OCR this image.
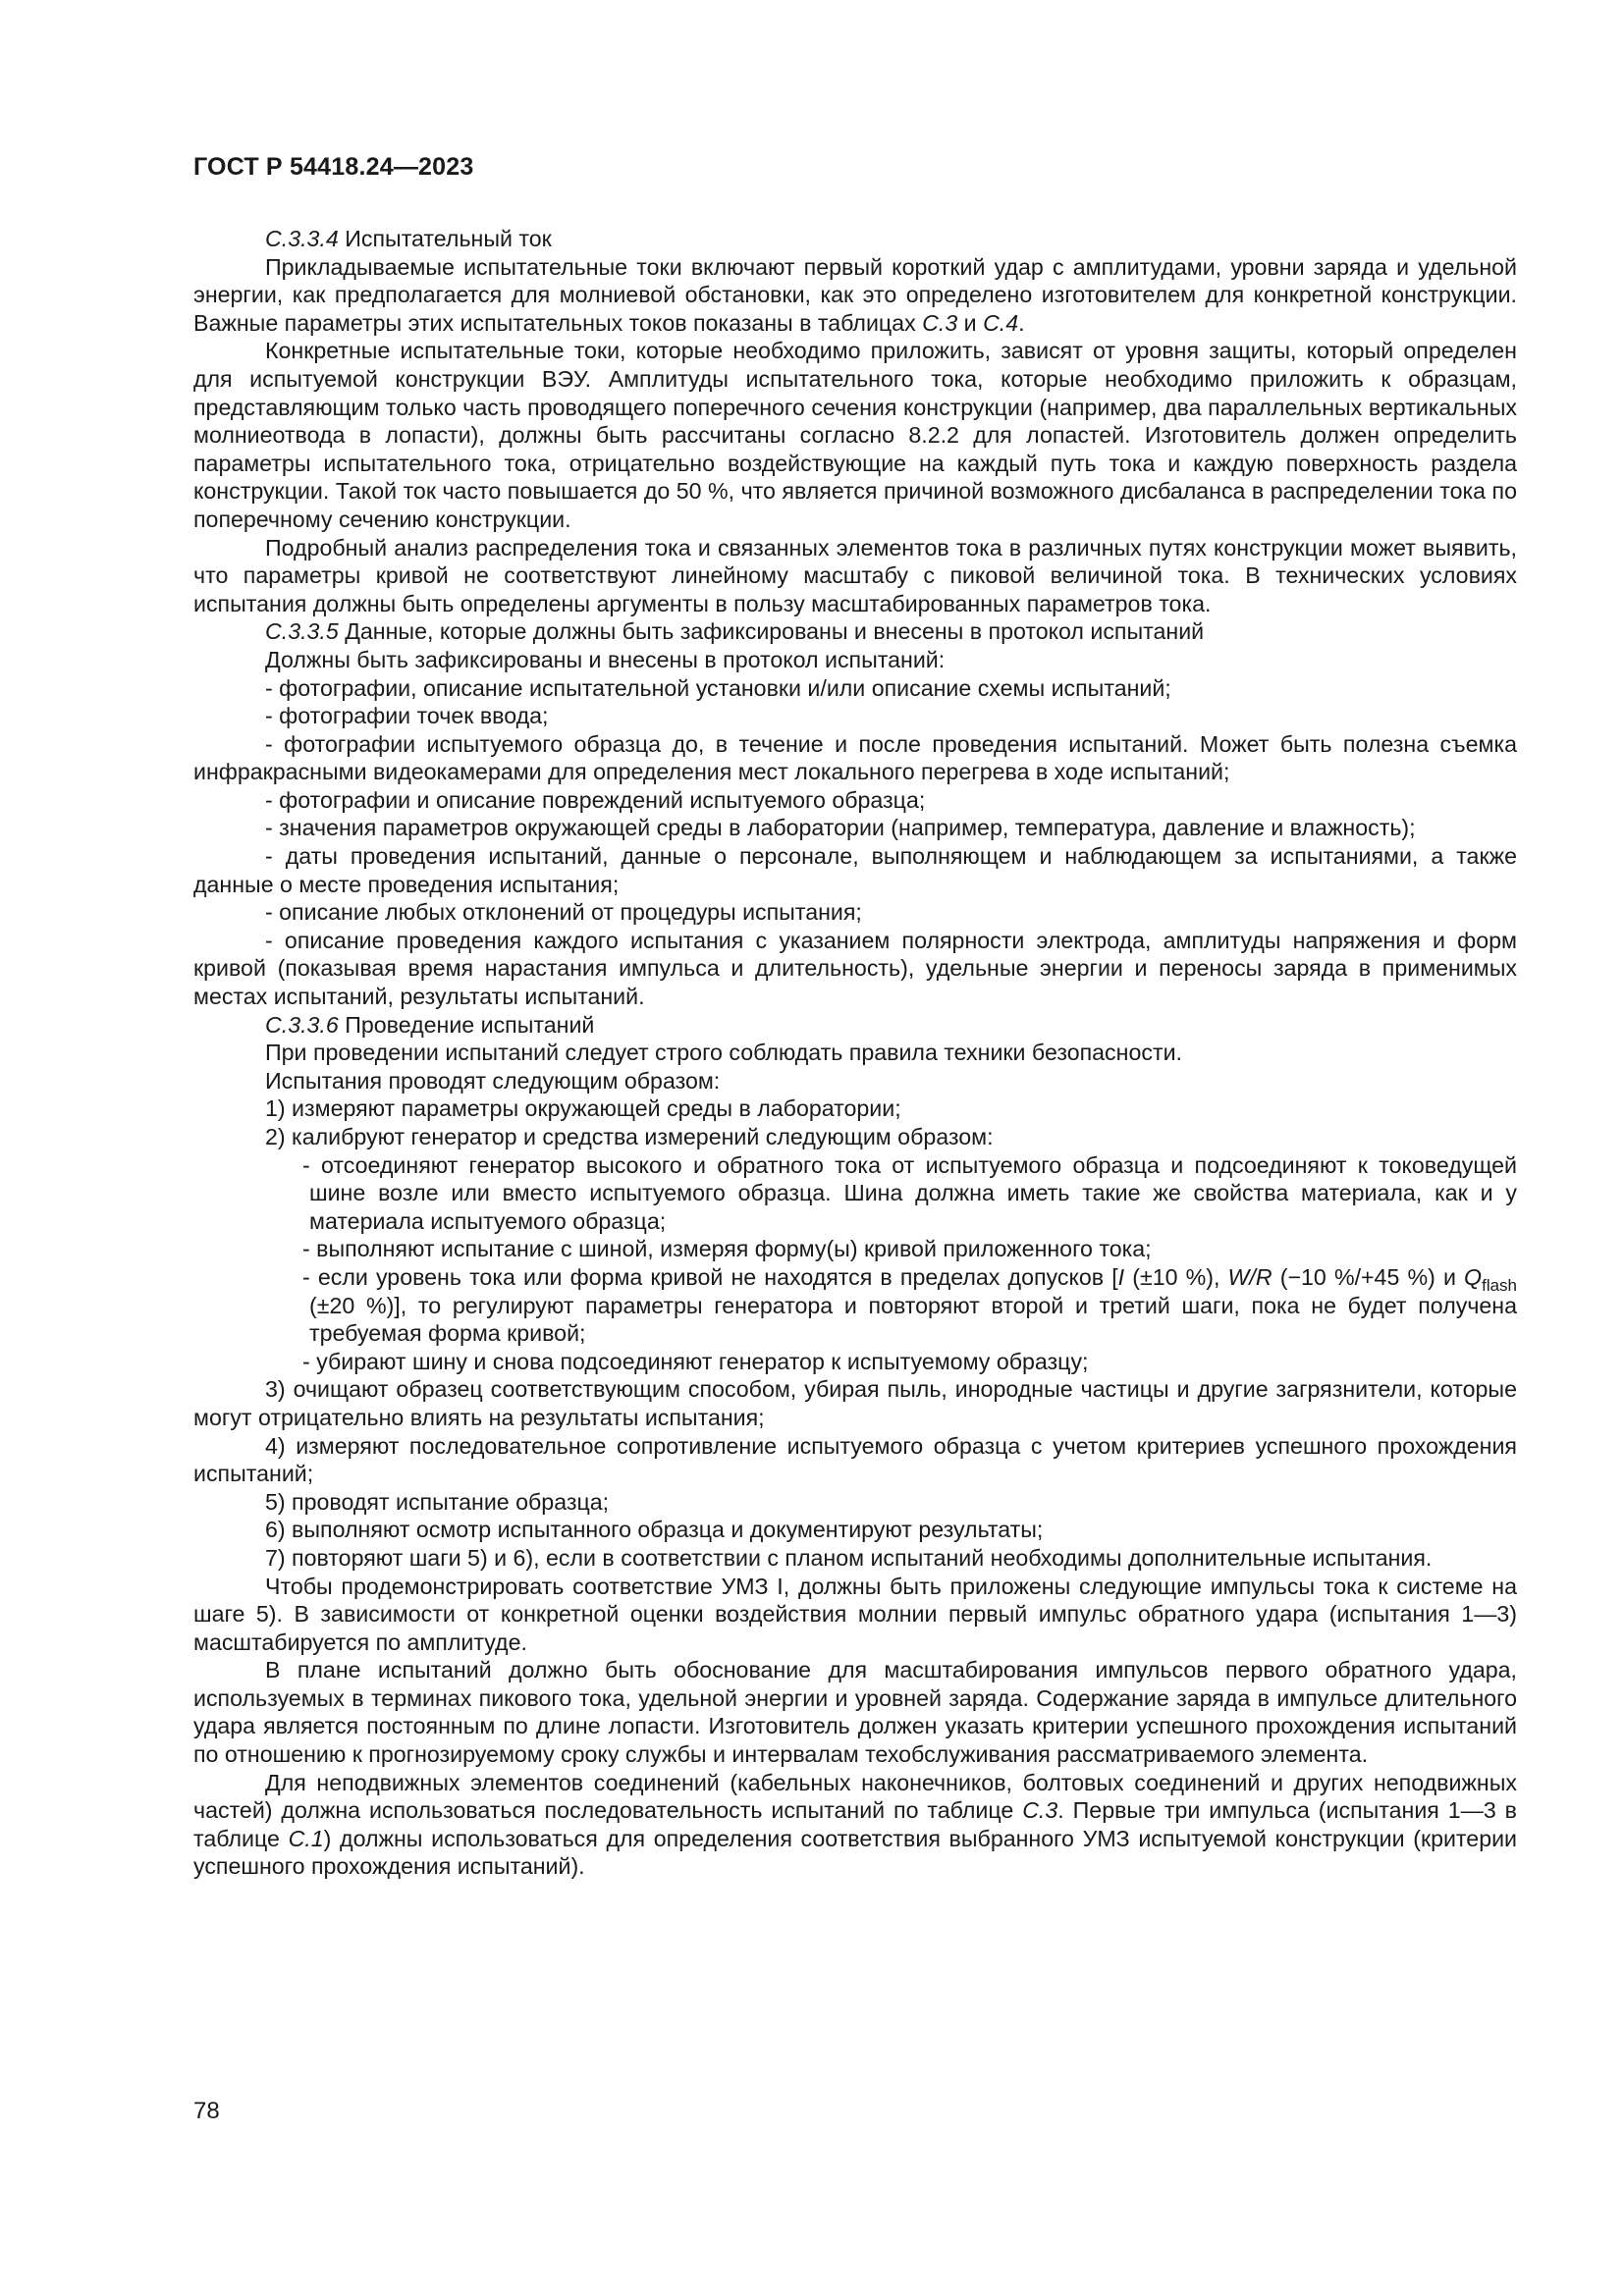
ГОСТ Р 54418.24—2023

С.3.3.4 Испытательный ток

Прикладываемые испытательные токи включают первый короткий удар с амплитудами, уровни заряда и удельной энергии, как предполагается для молниевой обстановки, как это определено изготовителем для конкретной конструкции. Важные параметры этих испытательных токов показаны в таблицах С.3 и С.4.

Конкретные испытательные токи, которые необходимо приложить, зависят от уровня защиты, который определен для испытуемой конструкции ВЭУ. Амплитуды испытательного тока, которые необходимо приложить к образцам, представляющим только часть проводящего поперечного сечения конструкции (например, два параллельных вертикальных молниеотвода в лопасти), должны быть рассчитаны согласно 8.2.2 для лопастей. Изготовитель должен определить параметры испытательного тока, отрицательно воздействующие на каждый путь тока и каждую поверхность раздела конструкции. Такой ток часто повышается до 50 %, что является причиной возможного дисбаланса в распределении тока по поперечному сечению конструкции.

Подробный анализ распределения тока и связанных элементов тока в различных путях конструкции может выявить, что параметры кривой не соответствуют линейному масштабу с пиковой величиной тока. В технических условиях испытания должны быть определены аргументы в пользу масштабированных параметров тока.

С.3.3.5 Данные, которые должны быть зафиксированы и внесены в протокол испытаний

Должны быть зафиксированы и внесены в протокол испытаний:

- фотографии, описание испытательной установки и/или описание схемы испытаний;

- фотографии точек ввода;

- фотографии испытуемого образца до, в течение и после проведения испытаний. Может быть полезна съемка инфракрасными видеокамерами для определения мест локального перегрева в ходе испытаний;

- фотографии и описание повреждений испытуемого образца;

- значения параметров окружающей среды в лаборатории (например, температура, давление и влажность);

- даты проведения испытаний, данные о персонале, выполняющем и наблюдающем за испытаниями, а также данные о месте проведения испытания;

- описание любых отклонений от процедуры испытания;

- описание проведения каждого испытания с указанием полярности электрода, амплитуды напряжения и форм кривой (показывая время нарастания импульса и длительность), удельные энергии и переносы заряда в применимых местах испытаний, результаты испытаний.

С.3.3.6 Проведение испытаний

При проведении испытаний следует строго соблюдать правила техники безопасности.

Испытания проводят следующим образом:

1) измеряют параметры окружающей среды в лаборатории;

2) калибруют генератор и средства измерений следующим образом:

- отсоединяют генератор высокого и обратного тока от испытуемого образца и подсоединяют к токоведущей шине возле или вместо испытуемого образца. Шина должна иметь такие же свойства материала, как и у материала испытуемого образца;

- выполняют испытание с шиной, измеряя форму(ы) кривой приложенного тока;

- если уровень тока или форма кривой не находятся в пределах допусков [I (±10 %), W/R (−10 %/+45 %) и $Q_{flash}$ (±20 %)], то регулируют параметры генератора и повторяют второй и третий шаги, пока не будет получена требуемая форма кривой;

- убирают шину и снова подсоединяют генератор к испытуемому образцу;

3) очищают образец соответствующим способом, убирая пыль, инородные частицы и другие загрязнители, которые могут отрицательно влиять на результаты испытания;

4) измеряют последовательное сопротивление испытуемого образца с учетом критериев успешного прохождения испытаний;

5) проводят испытание образца;

6) выполняют осмотр испытанного образца и документируют результаты;

7) повторяют шаги 5) и 6), если в соответствии с планом испытаний необходимы дополнительные испытания.

Чтобы продемонстрировать соответствие УМЗ I, должны быть приложены следующие импульсы тока к системе на шаге 5). В зависимости от конкретной оценки воздействия молнии первый импульс обратного удара (испытания 1—3) масштабируется по амплитуде.

В плане испытаний должно быть обоснование для масштабирования импульсов первого обратного удара, используемых в терминах пикового тока, удельной энергии и уровней заряда. Содержание заряда в импульсе длительного удара является постоянным по длине лопасти. Изготовитель должен указать критерии успешного прохождения испытаний по отношению к прогнозируемому сроку службы и интервалам техобслуживания рассматриваемого элемента.

Для неподвижных элементов соединений (кабельных наконечников, болтовых соединений и других неподвижных частей) должна использоваться последовательность испытаний по таблице С.3. Первые три импульса (испытания 1—3 в таблице С.1) должны использоваться для определения соответствия выбранного УМЗ испытуемой конструкции (критерии успешного прохождения испытаний).

78
